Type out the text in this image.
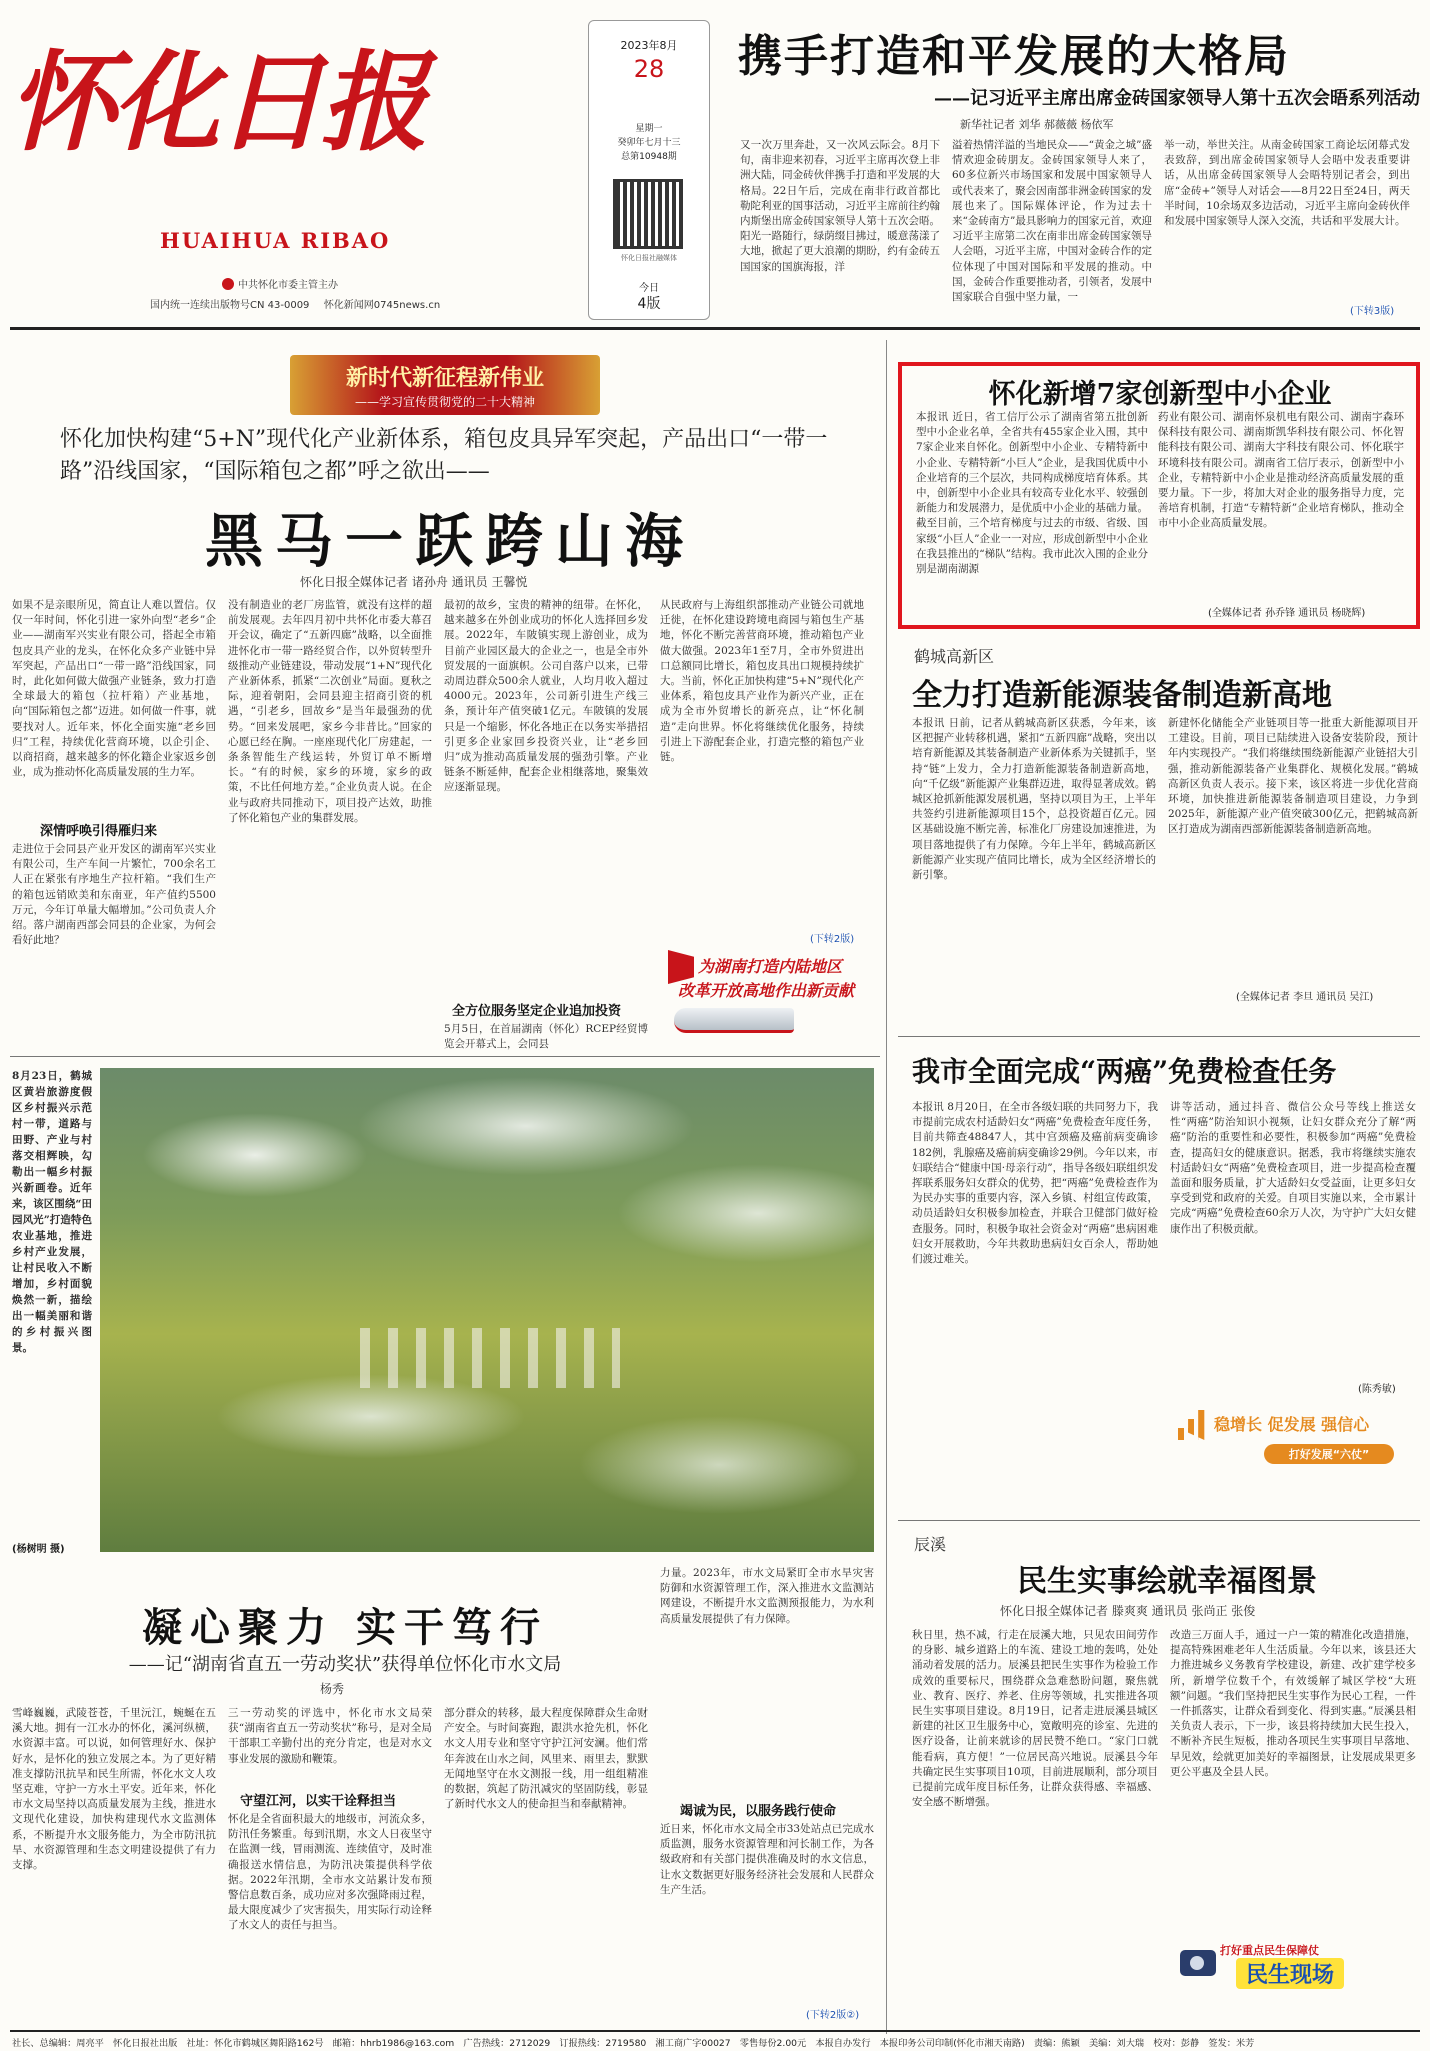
怀化日报
HUAIHUA RIBAO
中共怀化市委主管主办
国内统一连续出版物号CN 43-0009 怀化新闻网0745news.cn
2023年8月
28
星期一
癸卯年七月十三
总第10948期
怀化日报社融媒体
今日
4版
携手打造和平发展的大格局
——记习近平主席出席金砖国家领导人第十五次会晤系列活动
新华社记者 刘华 郝薇薇 杨依军
又一次万里奔赴，又一次风云际会。8月下旬，南非迎来初春，习近平主席再次登上非洲大陆，同金砖伙伴携手打造和平发展的大格局。22日午后，完成在南非行政首都比勒陀利亚的国事活动，习近平主席前往约翰内斯堡出席金砖国家领导人第十五次会晤。阳光一路随行，绿荫缀目拂过，暖意荡漾了大地，掀起了更大浪潮的期盼，约有金砖五国国家的国旗海报，洋
溢着热情洋溢的当地民众——“黄金之城”盛情欢迎金砖朋友。金砖国家领导人来了，60多位新兴市场国家和发展中国家领导人或代表来了，聚会因南部非洲金砖国家的发展也来了。国际媒体评论，作为过去十来“金砖南方”最具影响力的国家元首，欢迎习近平主席第二次在南非出席金砖国家领导人会晤，习近平主席，中国对金砖合作的定位体现了中国对国际和平发展的推动。中国，金砖合作重要推动者，引领者，发展中国家联合自强中坚力量，一
举一动，举世关注。从南金砖国家工商论坛闭幕式发表致辞，到出席金砖国家领导人会晤中发表重要讲话，从出席金砖国家领导人会晤特别记者会，到出席“金砖+”领导人对话会——8月22日至24日，两天半时间，10余场双多边活动，习近平主席向金砖伙伴和发展中国家领导人深入交流，共话和平发展大计。
(下转3版)
新时代新征程新伟业
——学习宣传贯彻党的二十大精神
怀化加快构建“5+N”现代化产业新体系，箱包皮具异军突起，产品出口“一带一路”沿线国家，“国际箱包之都”呼之欲出——
黑马一跃跨山海
怀化日报全媒体记者 诸孙舟 通讯员 王馨悦
如果不是亲眼所见，简直让人难以置信。仅仅一年时间，怀化引进一家外向型“老乡”企业——湖南军兴实业有限公司，搭起全市箱包皮具产业的龙头，在怀化众多产业链中异军突起，产品出口“一带一路”沿线国家，同时，此化如何做大做强产业链条，致力打造全球最大的箱包（拉杆箱）产业基地，向“国际箱包之都”迈进。如何做一件事，就要找对人。近年来，怀化全面实施“老乡回归”工程，持续优化营商环境，以企引企、以商招商，越来越多的怀化籍企业家返乡创业，成为推动怀化高质量发展的生力军。
深情呼唤引得雁归来
走进位于会同县产业开发区的湖南军兴实业有限公司，生产车间一片繁忙，700余名工人正在紧张有序地生产拉杆箱。“我们生产的箱包远销欧美和东南亚，年产值约5500万元，今年订单量大幅增加。”公司负责人介绍。落户湖南西部会同县的企业家，为何会看好此地？
没有制造业的老厂房监管，就没有这样的超前发展观。去年四月初中共怀化市委大幕召开会议，确定了“五新四廊”战略，以全面推进怀化市一带一路经贸合作，以外贸转型升级推动产业链建设，带动发展“1+N”现代化产业新体系，抓紧“二次创业”局面。夏秋之际，迎着朝阳，会同县迎主招商引资的机遇，“引老乡，回故乡”是当年最强劲的优势。“回来发展吧，家乡今非昔比。”回家的心愿已经在胸。一座座现代化厂房建起，一条条智能生产线运转，外贸订单不断增长。“有的时候，家乡的环境，家乡的政策，不比任何地方差。”企业负责人说。在企业与政府共同推动下，项目投产达效，助推了怀化箱包产业的集群发展。
最初的故乡，宝贵的精神的纽带。在怀化，越来越多在外创业成功的怀化人选择回乡发展。2022年，车陂镇实现上游创业，成为目前产业园区最大的企业之一，也是全市外贸发展的一面旗帜。公司自落户以来，已带动周边群众500余人就业，人均月收入超过4000元。2023年，公司新引进生产线三条，预计年产值突破1亿元。车陂镇的发展只是一个缩影，怀化各地正在以务实举措招引更多企业家回乡投资兴业，让“老乡回归”成为推动高质量发展的强劲引擎。产业链条不断延伸，配套企业相继落地，聚集效应逐渐显现。
全方位服务坚定企业追加投资
5月5日，在首届湖南（怀化）RCEP经贸博览会开幕式上，会同县
从民政府与上海组织部推动产业链公司就地迁徙，在怀化建设跨境电商园与箱包生产基地，怀化不断完善营商环境，推动箱包产业做大做强。2023年1至7月，全市外贸进出口总额同比增长，箱包皮具出口规模持续扩大。当前，怀化正加快构建“5+N”现代化产业体系，箱包皮具产业作为新兴产业，正在成为全市外贸增长的新亮点，让“怀化制造”走向世界。怀化将继续优化服务，持续引进上下游配套企业，打造完整的箱包产业链。
(下转2版)
为湖南打造内陆地区
改革开放高地作出新贡献
8月23日，鹤城区黄岩旅游度假区乡村振兴示范村一带，道路与田野、产业与村落交相辉映，勾勒出一幅乡村振兴新画卷。近年来，该区围绕“田园风光”打造特色农业基地，推进乡村产业发展，让村民收入不断增加，乡村面貌焕然一新，描绘出一幅美丽和谐的乡村振兴图景。
(杨树明 摄)
怀化新增7家创新型中小企业
本报讯 近日，省工信厅公示了湖南省第五批创新型中小企业名单，全省共有455家企业入围，其中7家企业来自怀化。创新型中小企业、专精特新中小企业、专精特新“小巨人”企业，是我国优质中小企业培育的三个层次，共同构成梯度培育体系。其中，创新型中小企业具有较高专业化水平、较强创新能力和发展潜力，是优质中小企业的基础力量。截至目前，三个培育梯度与过去的市级、省级、国家级“小巨人”企业一一对应，形成创新型中小企业在我县推出的“梯队”结构。我市此次入围的企业分别是湖南湖源
药业有限公司、湖南怀泉机电有限公司、湖南宇森环保科技有限公司、湖南斯凯华科技有限公司、怀化智能科技有限公司、湖南大宇科技有限公司、怀化联宇环境科技有限公司。湖南省工信厅表示，创新型中小企业，专精特新中小企业是推动经济高质量发展的重要力量。下一步，将加大对企业的服务指导力度，完善培育机制，打造“专精特新”企业培育梯队，推动全市中小企业高质量发展。
(全媒体记者 孙乔锋 通讯员 杨晓辉)
鹤城高新区
全力打造新能源装备制造新高地
本报讯 日前，记者从鹤城高新区获悉，今年来，该区把握产业转移机遇，紧扣“五新四廊”战略，突出以培育新能源及其装备制造产业新体系为关键抓手，坚持“链”上发力，全力打造新能源装备制造新高地，向“千亿级”新能源产业集群迈进，取得显著成效。鹤城区抢抓新能源发展机遇，坚持以项目为王，上半年共签约引进新能源项目15个，总投资超百亿元。园区基础设施不断完善，标准化厂房建设加速推进，为项目落地提供了有力保障。今年上半年，鹤城高新区新能源产业实现产值同比增长，成为全区经济增长的新引擎。
新建怀化储能全产业链项目等一批重大新能源项目开工建设。目前，项目已陆续进入设备安装阶段，预计年内实现投产。“我们将继续围绕新能源产业链招大引强，推动新能源装备产业集群化、规模化发展。”鹤城高新区负责人表示。接下来，该区将进一步优化营商环境，加快推进新能源装备制造项目建设，力争到2025年，新能源产业产值突破300亿元，把鹤城高新区打造成为湖南西部新能源装备制造新高地。
(全媒体记者 李旦 通讯员 吴江)
我市全面完成“两癌”免费检查任务
本报讯 8月20日，在全市各级妇联的共同努力下，我市提前完成农村适龄妇女“两癌”免费检查年度任务，目前共筛查48847人，其中宫颈癌及癌前病变确诊182例，乳腺癌及癌前病变确诊29例。今年以来，市妇联结合“健康中国·母亲行动”，指导各级妇联组织发挥联系服务妇女群众的优势，把“两癌”免费检查作为为民办实事的重要内容，深入乡镇、村组宣传政策，动员适龄妇女积极参加检查，并联合卫健部门做好检查服务。同时，积极争取社会资金对“两癌”患病困难妇女开展救助，今年共救助患病妇女百余人，帮助她们渡过难关。
讲等活动，通过抖音、微信公众号等线上推送女性“两癌”防治知识小视频，让妇女群众充分了解“两癌”防治的重要性和必要性，积极参加“两癌”免费检查，提高妇女的健康意识。据悉，我市将继续实施农村适龄妇女“两癌”免费检查项目，进一步提高检查覆盖面和服务质量，扩大适龄妇女受益面，让更多妇女享受到党和政府的关爱。自项目实施以来，全市累计完成“两癌”免费检查60余万人次，为守护广大妇女健康作出了积极贡献。
(陈秀敏)
稳增长 促发展 强信心
打好发展“六仗”
辰溪
民生实事绘就幸福图景
怀化日报全媒体记者 滕爽爽 通讯员 张尚正 张俊
秋日里，热不减，行走在辰溪大地，只见农田间劳作的身影、城乡道路上的车流、建设工地的轰鸣，处处涌动着发展的活力。辰溪县把民生实事作为检验工作成效的重要标尺，围绕群众急难愁盼问题，聚焦就业、教育、医疗、养老、住房等领域，扎实推进各项民生实事项目建设。8月19日，记者走进辰溪县城区新建的社区卫生服务中心，宽敞明亮的诊室、先进的医疗设备，让前来就诊的居民赞不绝口。“家门口就能看病，真方便！”一位居民高兴地说。辰溪县今年共确定民生实事项目10项，目前进展顺利，部分项目已提前完成年度目标任务，让群众获得感、幸福感、安全感不断增强。
改造三万面人手，通过一户一策的精准化改造措施，提高特殊困难老年人生活质量。今年以来，该县还大力推进城乡义务教育学校建设，新建、改扩建学校多所，新增学位数千个，有效缓解了城区学校“大班额”问题。“我们坚持把民生实事作为民心工程，一件一件抓落实，让群众看到变化、得到实惠。”辰溪县相关负责人表示，下一步，该县将持续加大民生投入，不断补齐民生短板，推动各项民生实事项目早落地、早见效，绘就更加美好的幸福图景，让发展成果更多更公平惠及全县人民。
打好重点民生保障仗
民生现场
凝心聚力 实干笃行
——记“湖南省直五一劳动奖状”获得单位怀化市水文局
杨秀
雪峰巍巍，武陵苍苍，千里沅江，蜿蜒在五溪大地。拥有一江水办的怀化，溪河纵横，水资源丰富。可以说，如何管理好水、保护好水，是怀化的独立发展之本。为了更好精准支撑防汛抗旱和民生所需，怀化水文人攻坚克难，守护一方水土平安。近年来，怀化市水文局坚持以高质量发展为主线，推进水文现代化建设，加快构建现代水文监测体系，不断提升水文服务能力，为全市防汛抗旱、水资源管理和生态文明建设提供了有力支撑。
三一劳动奖的评选中，怀化市水文局荣获“湖南省直五一劳动奖状”称号，是对全局干部职工辛勤付出的充分肯定，也是对水文事业发展的激励和鞭策。
守望江河，以实干诠释担当
怀化是全省面积最大的地级市，河流众多，防汛任务繁重。每到汛期，水文人日夜坚守在监测一线，冒雨测流、连续值守，及时准确报送水情信息，为防汛决策提供科学依据。2022年汛期，全市水文站累计发布预警信息数百条，成功应对多次强降雨过程，最大限度减少了灾害损失，用实际行动诠释了水文人的责任与担当。
部分群众的转移，最大程度保障群众生命财产安全。与时间赛跑，跟洪水抢先机，怀化水文人用专业和坚守守护江河安澜。他们常年奔波在山水之间，风里来、雨里去，默默无闻地坚守在水文测报一线，用一组组精准的数据，筑起了防汛减灾的坚固防线，彰显了新时代水文人的使命担当和奉献精神。
力量。2023年，市水文局紧盯全市水旱灾害防御和水资源管理工作，深入推进水文监测站网建设，不断提升水文监测预报能力，为水利高质量发展提供了有力保障。
竭诚为民，以服务践行使命
近日来，怀化市水文局全市33处站点已完成水质监测，服务水资源管理和河长制工作，为各级政府和有关部门提供准确及时的水文信息，让水文数据更好服务经济社会发展和人民群众生产生活。
(下转2版②)
社长、总编辑：周亮平　怀化日报社出版　社址：怀化市鹤城区舞阳路162号　邮箱：hhrb1986@163.com　广告热线：2712029　订报热线：2719580　湘工商广字00027　零售每份2.00元　本报自办发行　本报印务公司印制(怀化市湘天南路)　责编：熊颖　美编：刘大瑞　校对：彭静　签发：米芳
